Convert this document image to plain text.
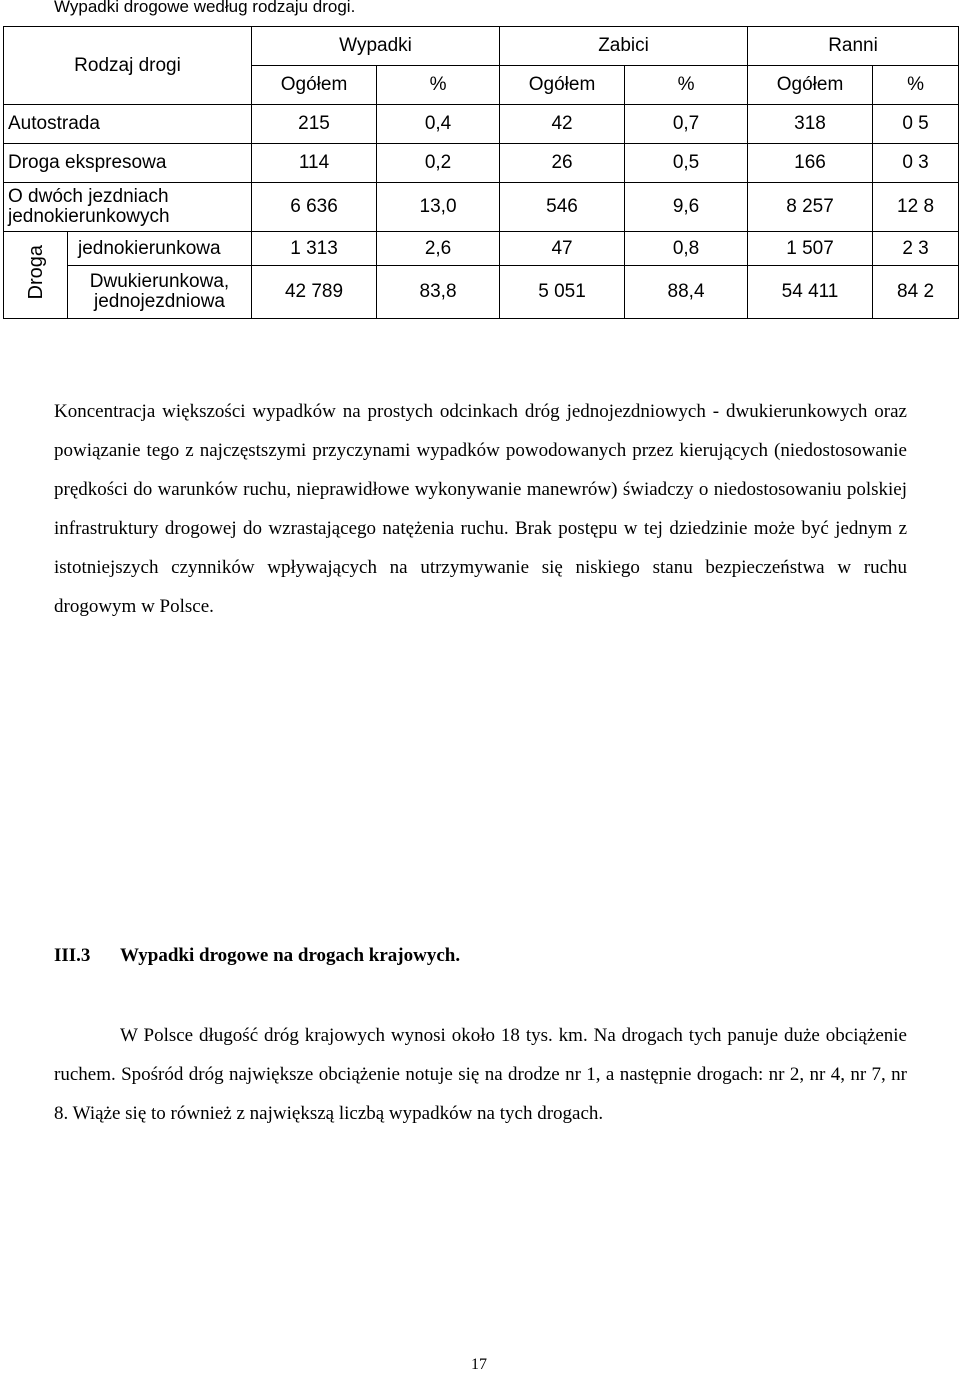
Wypadki drogowe według rodzaju drogi.
Rodzaj drogi		Wypadki		Zabici		Ranni	
		Ogółem	%	Ogółem	%	Ogółem	%
Autostrada		215	0,4	42	0,7	318	0 5
Droga ekspresowa		114	0,2	26	0,5	166	0 3
O dwóch jezdniach jednokierunkowych		6 636	13,0	546	9,6	8 257	12 8
Droga	jednokierunkowa	1 313	2,6	47	0,8	1 507	2 3
	Dwukierunkowa, jednojezdniowa	42 789	83,8	5 051	88,4	54 411	84 2

Koncentracja większości wypadków na prostych odcinkach dróg jednojezdniowych - dwukierunkowych oraz powiązanie tego z najczęstszymi przyczynami wypadków powodowanych przez kierujących (niedostosowanie prędkości do warunków ruchu, nieprawidłowe wykonywanie manewrów) świadczy o niedostosowaniu polskiej infrastruktury drogowej do wzrastającego natężenia ruchu. Brak postępu w tej dziedzinie może być jednym z istotniejszych czynników wpływających na utrzymywanie się niskiego stanu bezpieczeństwa w ruchu drogowym w Polsce.

III.3 Wypadki drogowe na drogach krajowych.

W Polsce długość dróg krajowych wynosi około 18 tys. km. Na drogach tych panuje duże obciążenie ruchem. Spośród dróg największe obciążenie notuje się na drodze nr 1, a następnie drogach: nr 2, nr 4, nr 7, nr 8. Wiąże się to również z największą liczbą wypadków na tych drogach.

17
